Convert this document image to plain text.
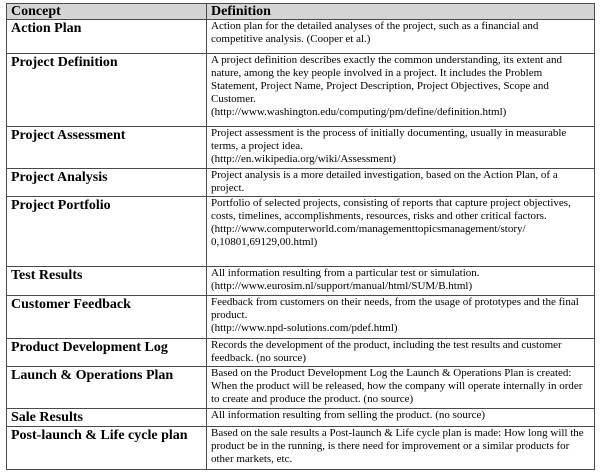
Concept	Definition
Action Plan	Action plan for the detailed analyses of the project, such as a financial and competitive analysis. (Cooper et al.)

Project Definition	A project definition describes exactly the common understanding, its extent and nature, among the key people involved in a project. It includes the Problem Statement, Project Name, Project Description, Project Objectives, Scope and Customer.
(http://www.washington.edu/computing/pm/define/definition.html)

Project Assessment	Project assessment is the process of initially documenting, usually in measurable terms, a project idea.
(http://en.wikipedia.org/wiki/Assessment)

Project Analysis	Project analysis is a more detailed investigation, based on the Action Plan, of a project.

Project Portfolio	Portfolio of selected projects, consisting of reports that capture project objectives, costs, timelines, accomplishments, resources, risks and other critical factors.
(http://www.computerworld.com/managementtopicsmanagement/story/ 0,10801,69129,00.html)

Test Results	All information resulting from a particular test or simulation.
(http://www.eurosim.nl/support/manual/html/SUM/B.html)

Customer Feedback	Feedback from customers on their needs, from the usage of prototypes and the final product.
(http://www.npd-solutions.com/pdef.html)

Product Development Log	Records the development of the product, including the test results and customer feedback. (no source)

Launch & Operations Plan	Based on the Product Development Log the Launch & Operations Plan is created: When the product will be released, how the company will operate internally in order to create and produce the product. (no source)

Sale Results	All information resulting from selling the product. (no source)

Post-launch & Life cycle plan	Based on the sale results a Post-launch & Life cycle plan is made: How long will the product be in the running, is there need for improvement or a similar products for other markets, etc.
